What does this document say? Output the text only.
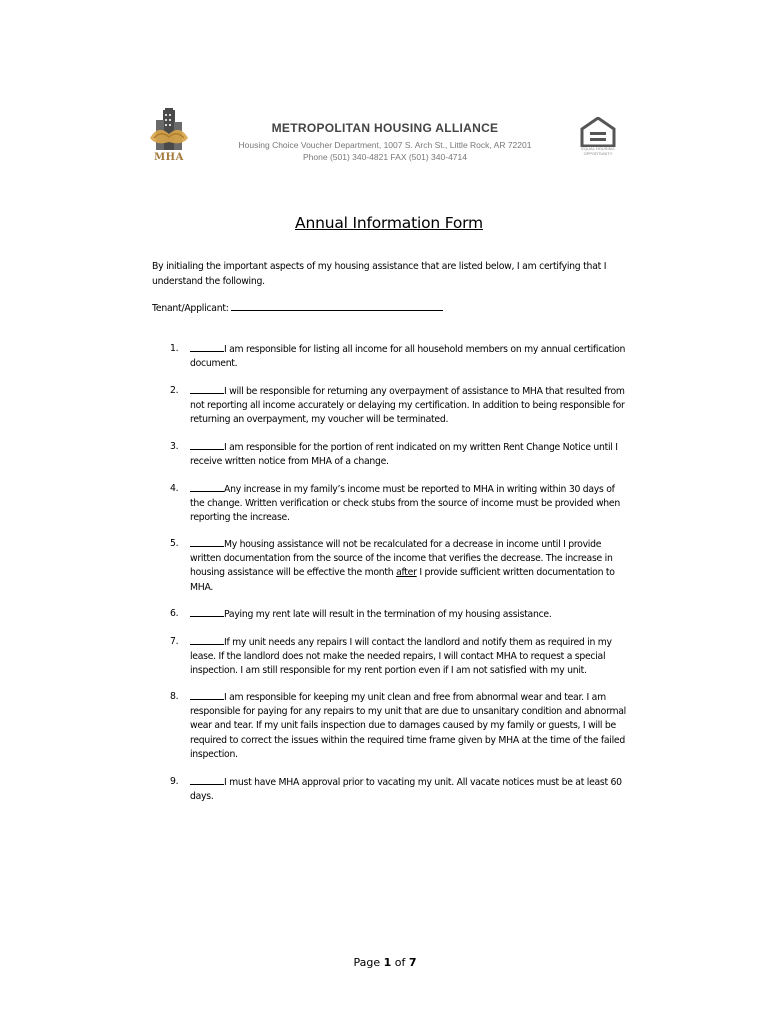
MHA
METROPOLITAN HOUSING ALLIANCE
Housing Choice Voucher Department, 1007 S. Arch St., Little Rock, AR 72201
Phone (501) 340-4821 FAX (501) 340-4714
EQUAL HOUSING OPPORTUNITY
Annual Information Form
By initialing the important aspects of my housing assistance that are listed below, I am certifying that I understand the following.
Tenant/Applicant:
1.	I am responsible for listing all income for all household members on my annual certification document.
2.	I will be responsible for returning any overpayment of assistance to MHA that resulted from not reporting all income accurately or delaying my certification. In addition to being responsible for returning an overpayment, my voucher will be terminated.
3.	I am responsible for the portion of rent indicated on my written Rent Change Notice until I receive written notice from MHA of a change.
4.	Any increase in my family’s income must be reported to MHA in writing within 30 days of the change. Written verification or check stubs from the source of income must be provided when reporting the increase.
5.	My housing assistance will not be recalculated for a decrease in income until I provide written documentation from the source of the income that verifies the decrease. The increase in housing assistance will be effective the month after I provide sufficient written documentation to MHA.
6.	Paying my rent late will result in the termination of my housing assistance.
7.	If my unit needs any repairs I will contact the landlord and notify them as required in my lease. If the landlord does not make the needed repairs, I will contact MHA to request a special inspection. I am still responsible for my rent portion even if I am not satisfied with my unit.
8.	I am responsible for keeping my unit clean and free from abnormal wear and tear. I am responsible for paying for any repairs to my unit that are due to unsanitary condition and abnormal wear and tear. If my unit fails inspection due to damages caused by my family or guests, I will be required to correct the issues within the required time frame given by MHA at the time of the failed inspection.
9.	I must have MHA approval prior to vacating my unit. All vacate notices must be at least 60 days.
Page 1 of 7
